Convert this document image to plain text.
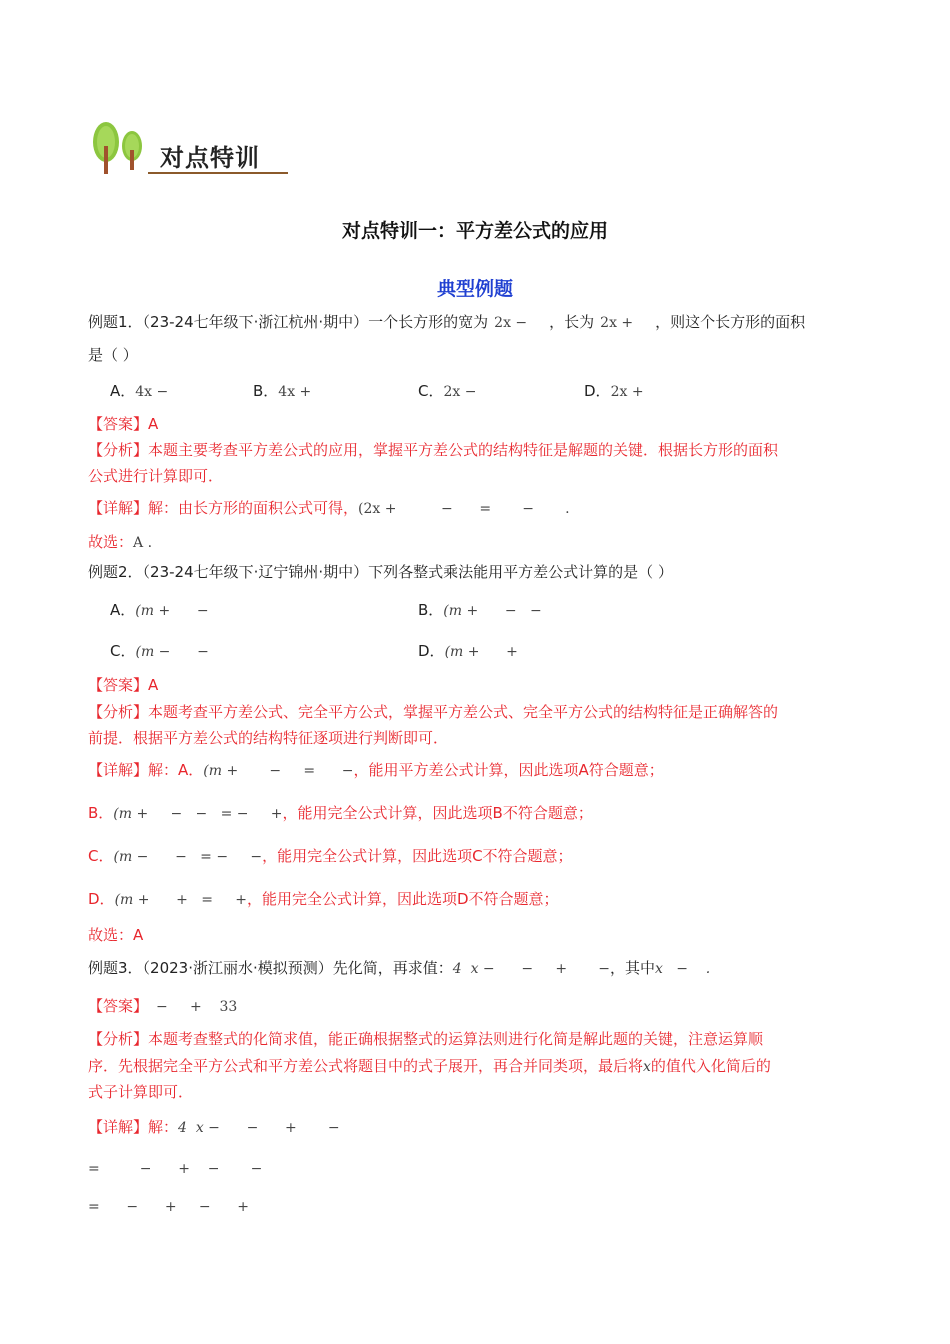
对点特训
对点特训一：平方差公式的应用
典型例题
例题1．（23-24七年级下·浙江杭州·期中）一个长方形的宽为 2x − ，长为 2x + ，则这个长方形的面积
是（ ）
A．4x −	B．4x +	C．2x −	D．2x +
【答案】A
【分析】本题主要考查平方差公式的应用，掌握平方差公式的结构特征是解题的关键．根据长方形的面积
公式进行计算即可．
【详解】解：由长方形的面积公式可得，(2x +          −      =       −       .
故选：A .
例题2．（23-24七年级下·辽宁锦州·期中）下列各整式乘法能用平方差公式计算的是（ ）
A．(m +      −	B．(m +      −   −
C．(m −      −	D．(m +      +
【答案】A
【分析】本题考查平方差公式、完全平方公式，掌握平方差公式、完全平方公式的结构特征是正确解答的
前提．根据平方差公式的结构特征逐项进行判断即可．
【详解】解：A．(m +       −     =      −，能用平方差公式计算，因此选项A符合题意；
B．(m +     −   −   = −     +，能用完全公式计算，因此选项B不符合题意；
C．(m −      −   = −     −，能用完全公式计算，因此选项C不符合题意；
D．(m +      +   =     +，能用完全公式计算，因此选项D不符合题意；
故选：A
例题3．（2023·浙江丽水·模拟预测）先化简，再求值：4  x −      −     +       −，其中x   −    .
【答案】 −     +    33
【分析】本题考查整式的化简求值，能正确根据整式的运算法则进行化简是解此题的关键，注意运算顺
序．先根据完全平方公式和平方差公式将题目中的式子展开，再合并同类项，最后将x的值代入化简后的
式子计算即可．
【详解】解：4  x −      −      +       −
=         −      +    −       −
=      −      +     −      +
